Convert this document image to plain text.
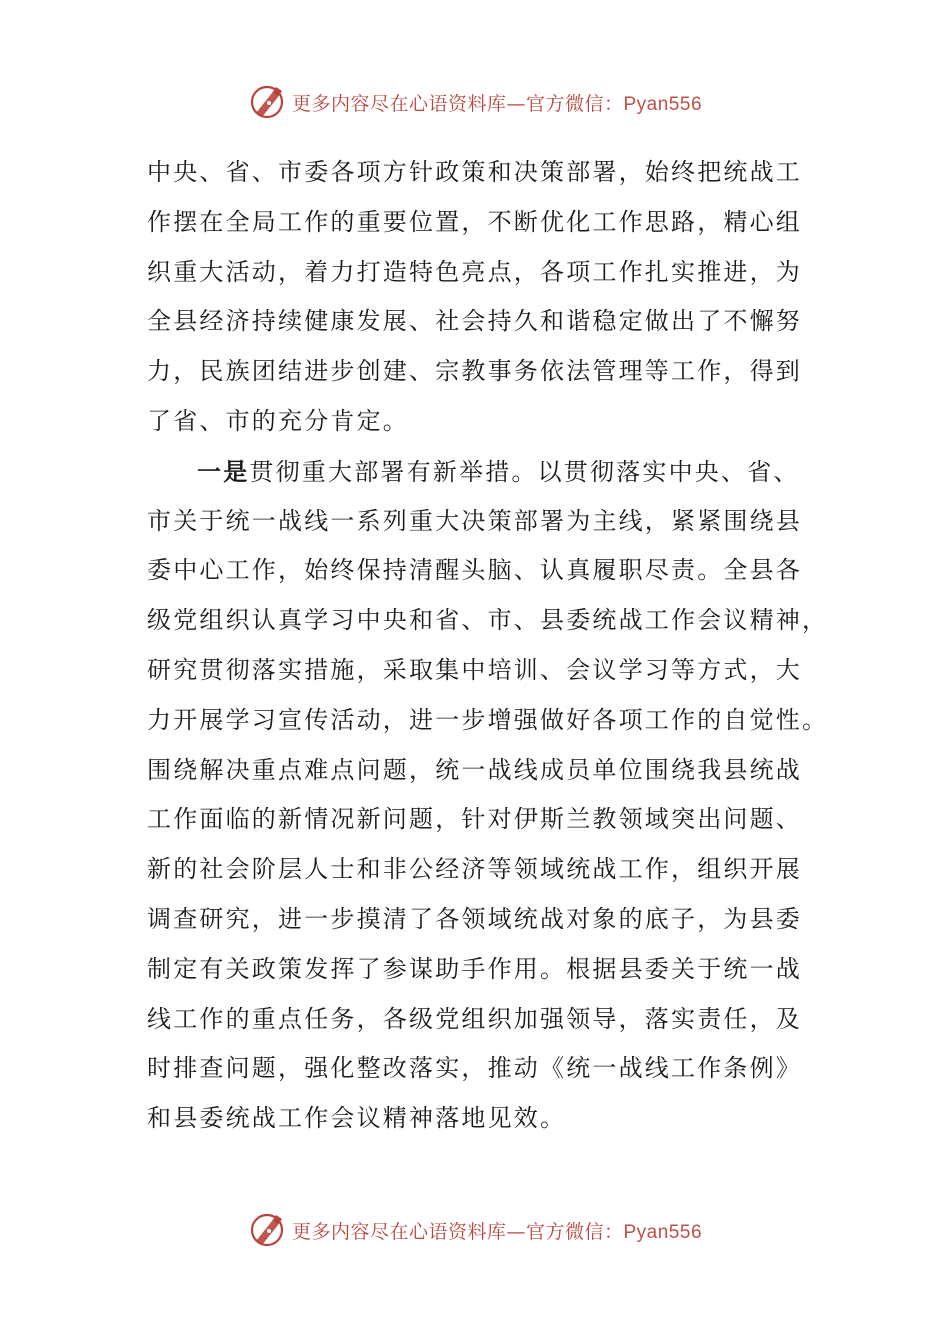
更多内容尽在心语资料库—官方微信：Pyan556
中央、省、市委各项方针政策和决策部署，始终把统战工
作摆在全局工作的重要位置，不断优化工作思路，精心组
织重大活动，着力打造特色亮点，各项工作扎实推进，为
全县经济持续健康发展、社会持久和谐稳定做出了不懈努
力，民族团结进步创建、宗教事务依法管理等工作，得到
了省、市的充分肯定。
一是贯彻重大部署有新举措。以贯彻落实中央、省、
市关于统一战线一系列重大决策部署为主线，紧紧围绕县
委中心工作，始终保持清醒头脑、认真履职尽责。全县各
级党组织认真学习中央和省、市、县委统战工作会议精神，
研究贯彻落实措施，采取集中培训、会议学习等方式，大
力开展学习宣传活动，进一步增强做好各项工作的自觉性。
围绕解决重点难点问题，统一战线成员单位围绕我县统战
工作面临的新情况新问题，针对伊斯兰教领域突出问题、
新的社会阶层人士和非公经济等领域统战工作，组织开展
调查研究，进一步摸清了各领域统战对象的底子，为县委
制定有关政策发挥了参谋助手作用。根据县委关于统一战
线工作的重点任务，各级党组织加强领导，落实责任，及
时排查问题，强化整改落实，推动《统一战线工作条例》
和县委统战工作会议精神落地见效。
更多内容尽在心语资料库—官方微信：Pyan556
